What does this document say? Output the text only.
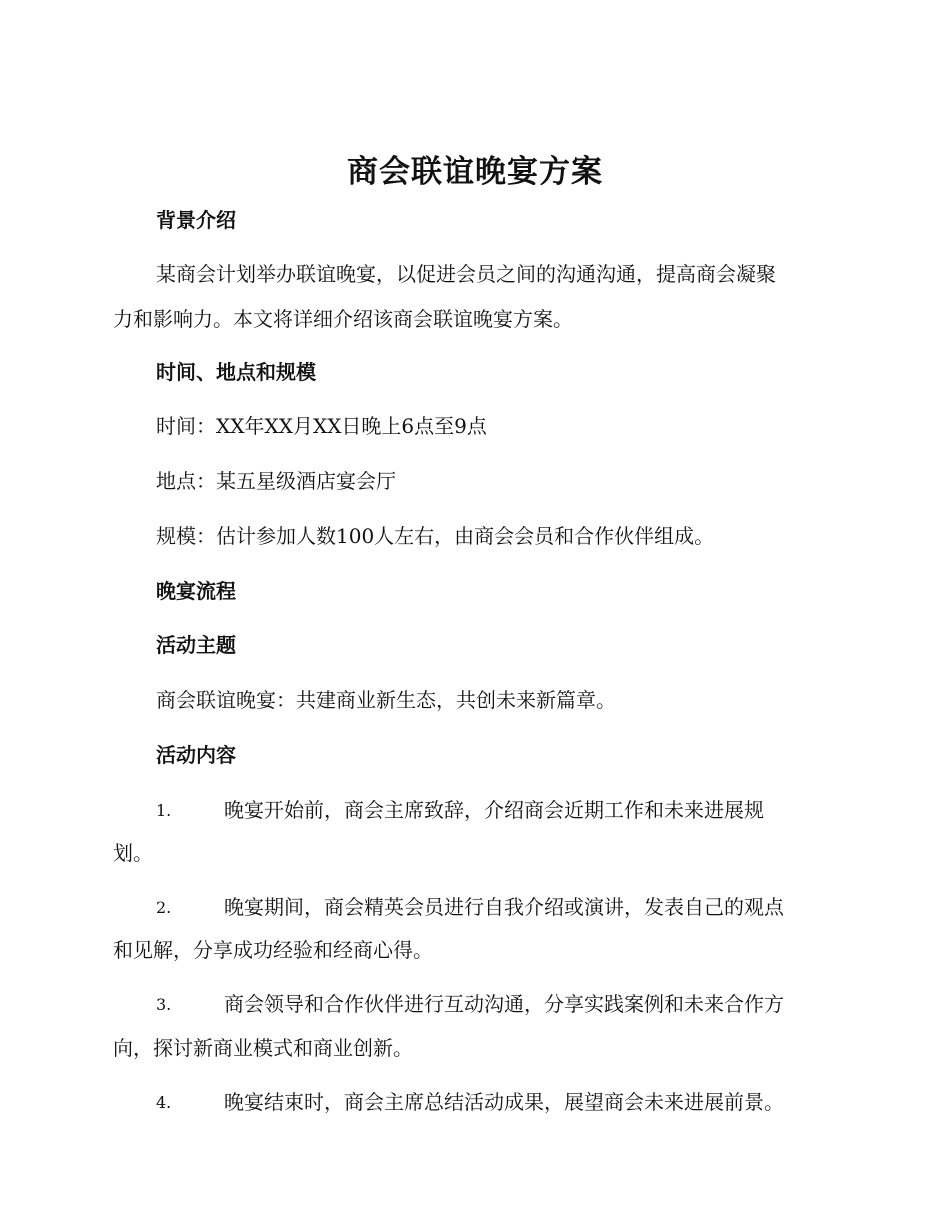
商会联谊晚宴方案
背景介绍
某商会计划举办联谊晚宴，以促进会员之间的沟通沟通，提高商会凝聚
力和影响力。本文将详细介绍该商会联谊晚宴方案。
时间、地点和规模
时间：XX年XX月XX日晚上6点至9点
地点：某五星级酒店宴会厅
规模：估计参加人数100人左右，由商会会员和合作伙伴组成。
晚宴流程
活动主题
商会联谊晚宴：共建商业新生态，共创未来新篇章。
活动内容
1.	晚宴开始前，商会主席致辞，介绍商会近期工作和未来进展规
划。
2.	晚宴期间，商会精英会员进行自我介绍或演讲，发表自己的观点
和见解，分享成功经验和经商心得。
3.	商会领导和合作伙伴进行互动沟通，分享实践案例和未来合作方
向，探讨新商业模式和商业创新。
4.	晚宴结束时，商会主席总结活动成果，展望商会未来进展前景。
